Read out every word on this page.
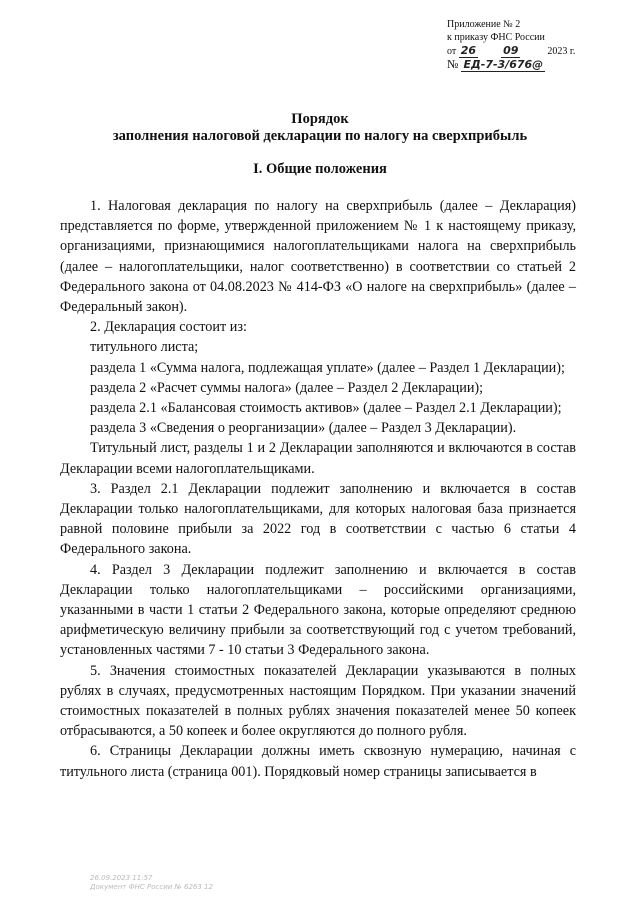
Приложение № 2
к приказу ФНС России
от 26 09	2023 г.
№ ЕД-7-3/676@
Порядок
заполнения налоговой декларации по налогу на сверхприбыль
I. Общие положения

1. Налоговая декларация по налогу на сверхприбыль (далее – Декларация) представляется по форме, утвержденной приложением № 1 к настоящему приказу, организациями, признающимися налогоплательщиками налога на сверхприбыль (далее – налогоплательщики, налог соответственно) в соответствии со статьей 2 Федерального закона от 04.08.2023 № 414-ФЗ «О налоге на сверхприбыль» (далее – Федеральный закон).

2. Декларация состоит из:

титульного листа;

раздела 1 «Сумма налога, подлежащая уплате» (далее – Раздел 1 Декларации);

раздела 2 «Расчет суммы налога» (далее – Раздел 2 Декларации);

раздела 2.1 «Балансовая стоимость активов» (далее – Раздел 2.1 Декларации);

раздела 3 «Сведения о реорганизации» (далее – Раздел 3 Декларации).

Титульный лист, разделы 1 и 2 Декларации заполняются и включаются в состав Декларации всеми налогоплательщиками.

3. Раздел 2.1 Декларации подлежит заполнению и включается в состав Декларации только налогоплательщиками, для которых налоговая база признается равной половине прибыли за 2022 год в соответствии с частью 6 статьи 4 Федерального закона.

4. Раздел 3 Декларации подлежит заполнению и включается в состав Декларации только налогоплательщиками – российскими организациями, указанными в части 1 статьи 2 Федерального закона, которые определяют среднюю арифметическую величину прибыли за соответствующий год с учетом требований, установленных частями 7 - 10 статьи 3 Федерального закона.

5. Значения стоимостных показателей Декларации указываются в полных рублях в случаях, предусмотренных настоящим Порядком. При указании значений стоимостных показателей в полных рублях значения показателей менее 50 копеек отбрасываются, а 50 копеек и более округляются до полного рубля.

6. Страницы Декларации должны иметь сквозную нумерацию, начиная с титульного листа (страница 001). Порядковый номер страницы записывается в

26.09.2023 11:57
Документ ФНС России № 6263 12
